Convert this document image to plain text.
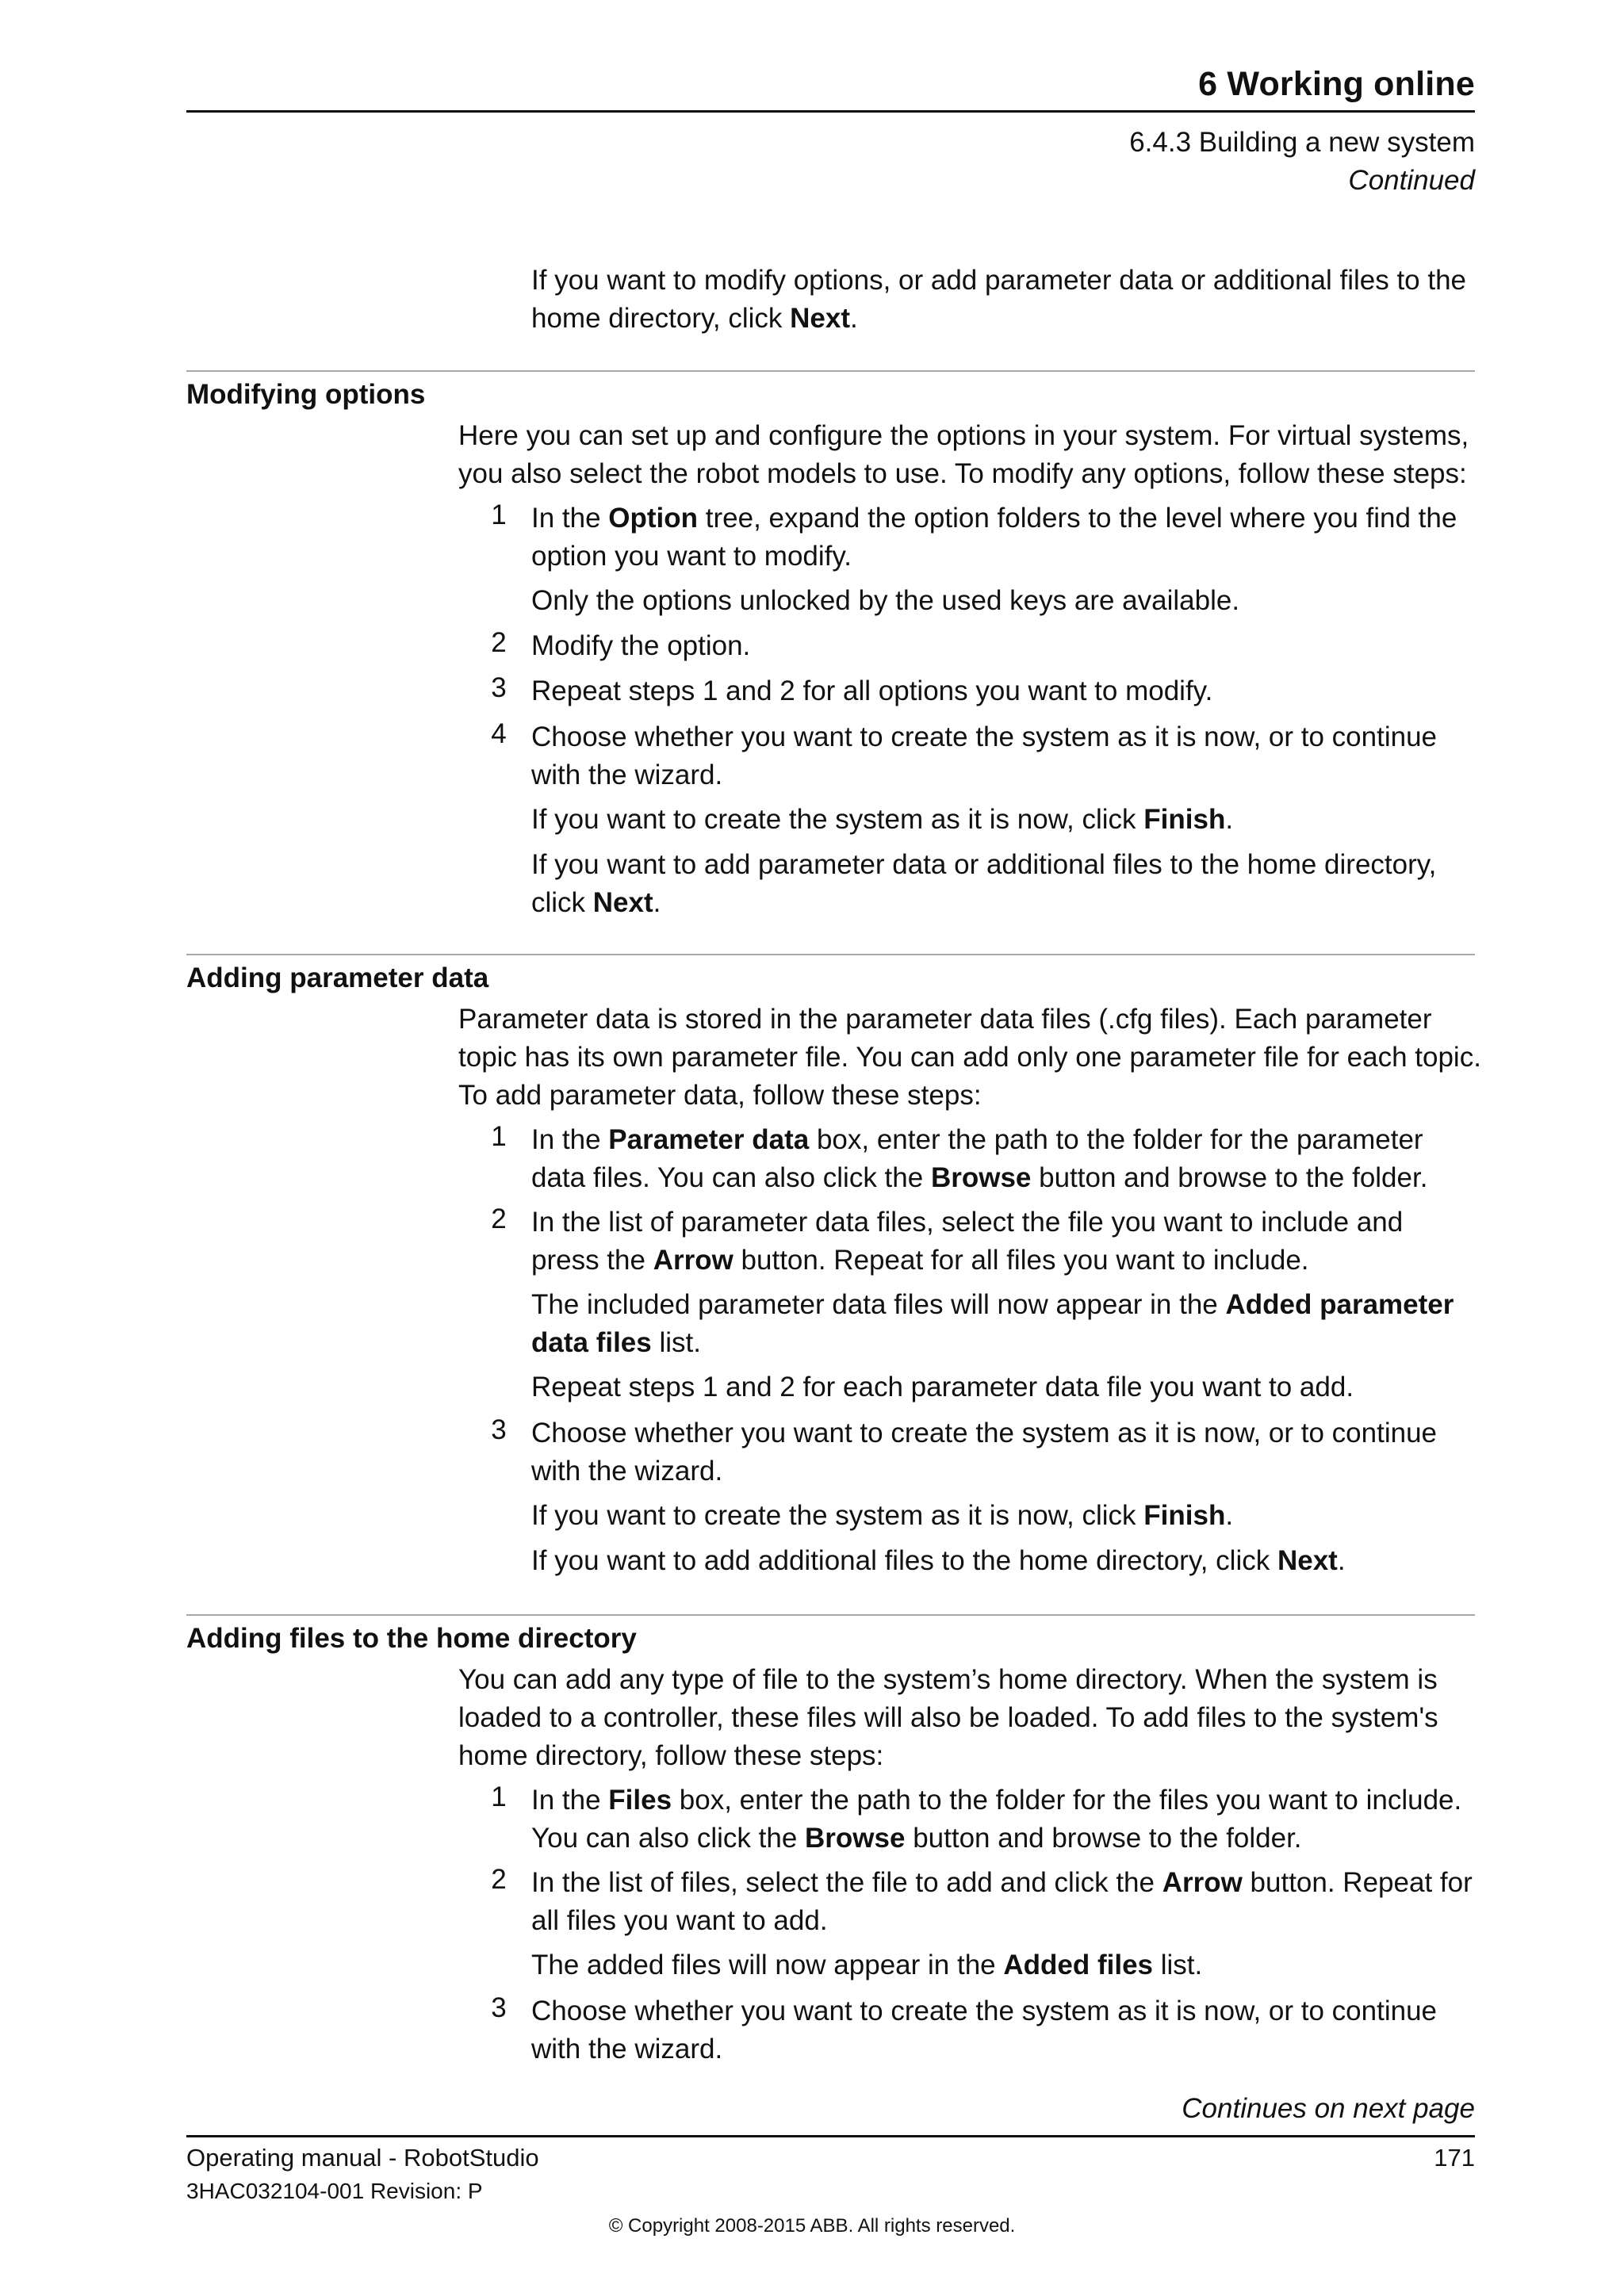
6 Working online
6.4.3 Building a new system
Continued
If you want to modify options, or add parameter data or additional files to the home directory, click Next.
Modifying options
Here you can set up and configure the options in your system. For virtual systems, you also select the robot models to use. To modify any options, follow these steps:
1 In the Option tree, expand the option folders to the level where you find the option you want to modify.
Only the options unlocked by the used keys are available.
2 Modify the option.
3 Repeat steps 1 and 2 for all options you want to modify.
4 Choose whether you want to create the system as it is now, or to continue with the wizard.
If you want to create the system as it is now, click Finish.
If you want to add parameter data or additional files to the home directory, click Next.
Adding parameter data
Parameter data is stored in the parameter data files (.cfg files). Each parameter topic has its own parameter file. You can add only one parameter file for each topic. To add parameter data, follow these steps:
1 In the Parameter data box, enter the path to the folder for the parameter data files. You can also click the Browse button and browse to the folder.
2 In the list of parameter data files, select the file you want to include and press the Arrow button. Repeat for all files you want to include.
The included parameter data files will now appear in the Added parameter data files list.
Repeat steps 1 and 2 for each parameter data file you want to add.
3 Choose whether you want to create the system as it is now, or to continue with the wizard.
If you want to create the system as it is now, click Finish.
If you want to add additional files to the home directory, click Next.
Adding files to the home directory
You can add any type of file to the system’s home directory. When the system is loaded to a controller, these files will also be loaded. To add files to the system's home directory, follow these steps:
1 In the Files box, enter the path to the folder for the files you want to include. You can also click the Browse button and browse to the folder.
2 In the list of files, select the file to add and click the Arrow button. Repeat for all files you want to add.
The added files will now appear in the Added files list.
3 Choose whether you want to create the system as it is now, or to continue with the wizard.
Continues on next page
Operating manual - RobotStudio	171
3HAC032104-001 Revision: P
© Copyright 2008-2015 ABB. All rights reserved.
